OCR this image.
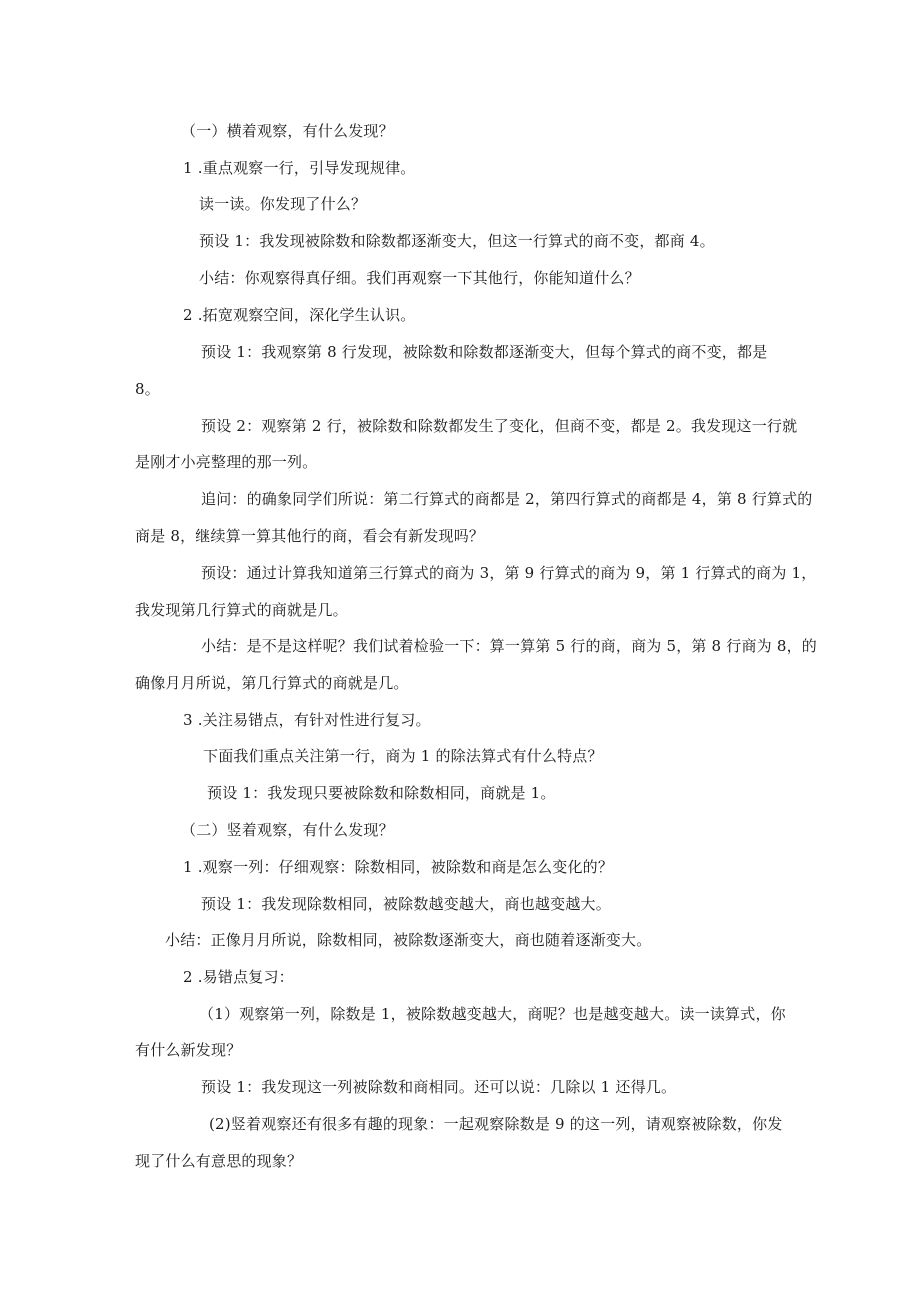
（一）横着观察，有什么发现？
1 .重点观察一行，引导发现规律。
读一读。你发现了什么？
预设 1：我发现被除数和除数都逐渐变大，但这一行算式的商不变，都商 4。
小结：你观察得真仔细。我们再观察一下其他行，你能知道什么？
2 .拓宽观察空间，深化学生认识。
预设 1：我观察第 8 行发现，被除数和除数都逐渐变大，但每个算式的商不变，都是
8。
预设 2：观察第 2 行，被除数和除数都发生了变化，但商不变，都是 2。我发现这一行就
是刚才小亮整理的那一列。
追问：的确象同学们所说：第二行算式的商都是 2，第四行算式的商都是 4，第 8 行算式的
商是 8，继续算一算其他行的商，看会有新发现吗？
预设：通过计算我知道第三行算式的商为 3，第 9 行算式的商为 9，第 1 行算式的商为 1，
我发现第几行算式的商就是几。
小结：是不是这样呢？我们试着检验一下：算一算第 5 行的商，商为 5，第 8 行商为 8，的
确像月月所说，第几行算式的商就是几。
3 .关注易错点，有针对性进行复习。
下面我们重点关注第一行，商为 1 的除法算式有什么特点？
预设 1：我发现只要被除数和除数相同，商就是 1。
（二）竖着观察，有什么发现？
1 .观察一列：仔细观察：除数相同，被除数和商是怎么变化的？
预设 1：我发现除数相同，被除数越变越大，商也越变越大。
小结：正像月月所说，除数相同，被除数逐渐变大，商也随着逐渐变大。
2 .易错点复习：
（1）观察第一列，除数是 1，被除数越变越大，商呢？也是越变越大。读一读算式，你
有什么新发现？
预设 1：我发现这一列被除数和商相同。还可以说：几除以 1 还得几。
(2)竖着观察还有很多有趣的现象：一起观察除数是 9 的这一列，请观察被除数，你发
现了什么有意思的现象？
